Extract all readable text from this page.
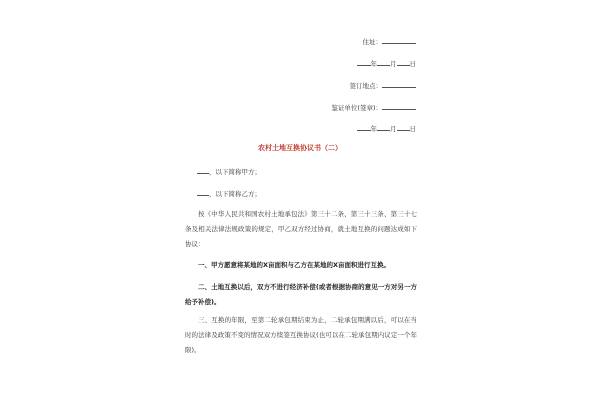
住址：
年 月 日
签订地点：
鉴证单位(签章)：
年 月 日
农村土地互换协议书（二）
，以下简称甲方；
，以下简称乙方；
按《中华人民共和国农村土地承包法》第三十二条、第三十三条、第三十七条及相关法律法规政策的规定，甲乙双方经过协商，就土地互换的问题达成如下协议：
一、甲方愿意将某地的X亩面积与乙方在某地的X亩面积进行互换。
二、土地互换以后，双方不进行经济补偿(或者根据协商的意见一方对另一方给予补偿)。
三、互换的年限，至第二轮承包期结束为止，二轮承包期满以后，可以在当时的法律及政策不变的情况双方续签互换协议(也可以在二轮承包期内议定一个年限)。
